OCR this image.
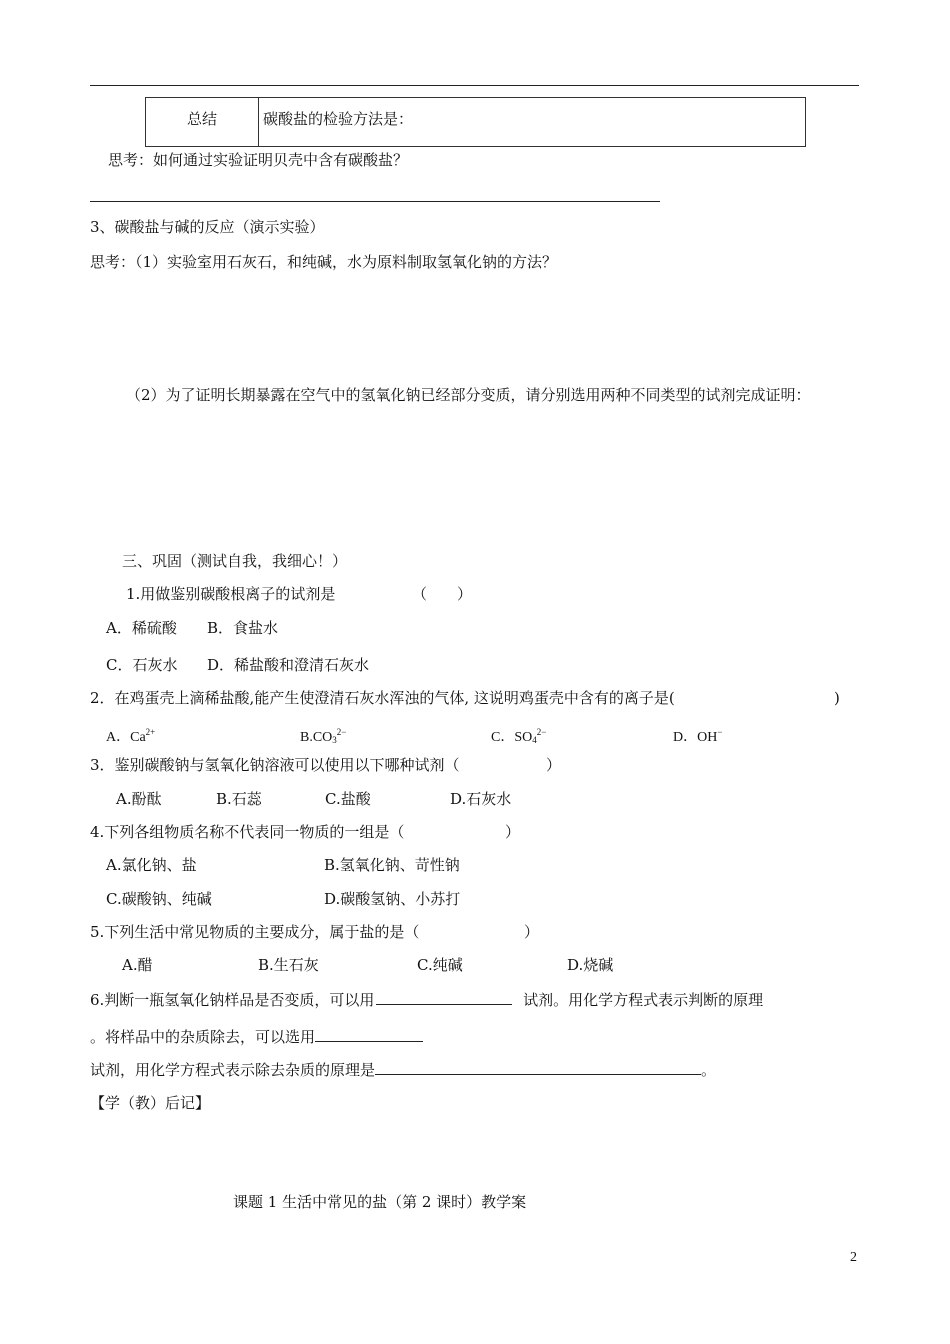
总结	碳酸盐的检验方法是：
思考：如何通过实验证明贝壳中含有碳酸盐？
3、碳酸盐与碱的反应（演示实验）
思考：（1）实验室用石灰石，和纯碱，水为原料制取氢氧化钠的方法？
（2）为了证明长期暴露在空气中的氢氧化钠已经部分变质，请分别选用两种不同类型的试剂完成证明：
三、巩固（测试自我，我细心！）
1.用做鉴别碳酸根离子的试剂是	（　　）
A．稀硫酸 B．食盐水
C．石灰水 D．稀盐酸和澄清石灰水
2．在鸡蛋壳上滴稀盐酸,能产生使澄清石灰水浑浊的气体, 这说明鸡蛋壳中含有的离子是(	)
A．$Ca^{2+}$	$B.CO_3^{2-}$	C．$SO_4^{2-}$	D．OH−
3．鉴别碳酸钠与氢氧化钠溶液可以使用以下哪种试剂（	）
A.酚酞	B.石蕊	C.盐酸	D.石灰水
4.下列各组物质名称不代表同一物质的一组是（	）
A.氯化钠、盐	B.氢氧化钠、苛性钠
C.碳酸钠、纯碱	D.碳酸氢钠、小苏打
5.下列生活中常见物质的主要成分，属于盐的是（	）
A.醋	B.生石灰	C.纯碱	D.烧碱
6.判断一瓶氢氧化钠样品是否变质，可以用	试剂。用化学方程式表示判断的原理
。将样品中的杂质除去，可以选用
试剂，用化学方程式表示除去杂质的原理是	。
【学（教）后记】
课题 1 生活中常见的盐（第 2 课时）教学案
2
